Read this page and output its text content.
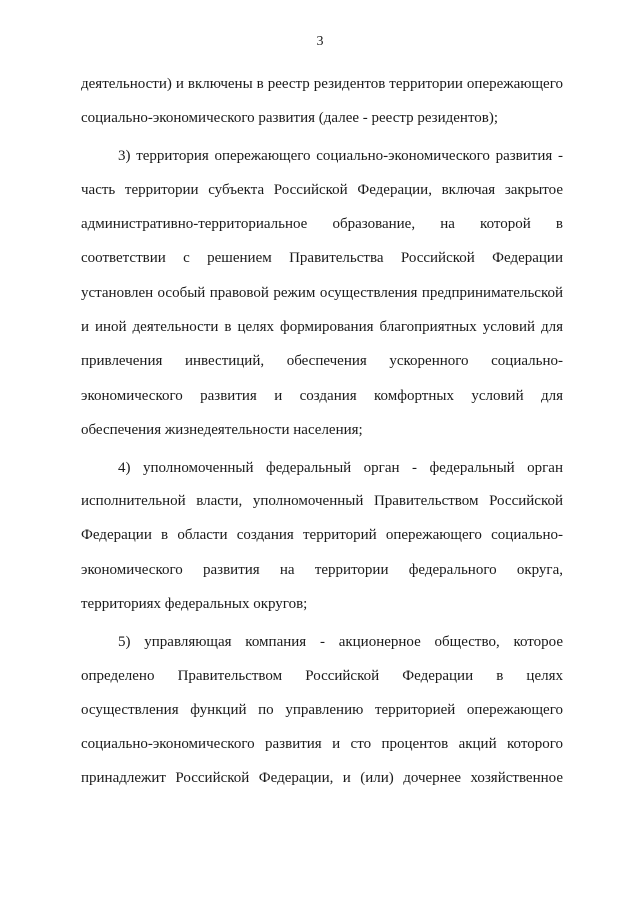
3
деятельности) и включены в реестр резидентов территории опережающего
социально-экономического развития (далее - реестр резидентов);
3) территория опережающего социально-экономического развития -
часть территории субъекта Российской Федерации, включая закрытое
административно-территориальное образование, на которой в
соответствии с решением Правительства Российской Федерации
установлен особый правовой режим осуществления предпринимательской
и иной деятельности в целях формирования благоприятных условий для
привлечения инвестиций, обеспечения ускоренного социально-
экономического развития и создания комфортных условий для
обеспечения жизнедеятельности населения;
4) уполномоченный федеральный орган - федеральный орган
исполнительной власти, уполномоченный Правительством Российской
Федерации в области создания территорий опережающего социально-
экономического развития на территории федерального округа,
территориях федеральных округов;
5) управляющая компания - акционерное общество, которое
определено Правительством Российской Федерации в целях
осуществления функций по управлению территорией опережающего
социально-экономического развития и сто процентов акций которого
принадлежит Российской Федерации, и (или) дочернее хозяйственное
